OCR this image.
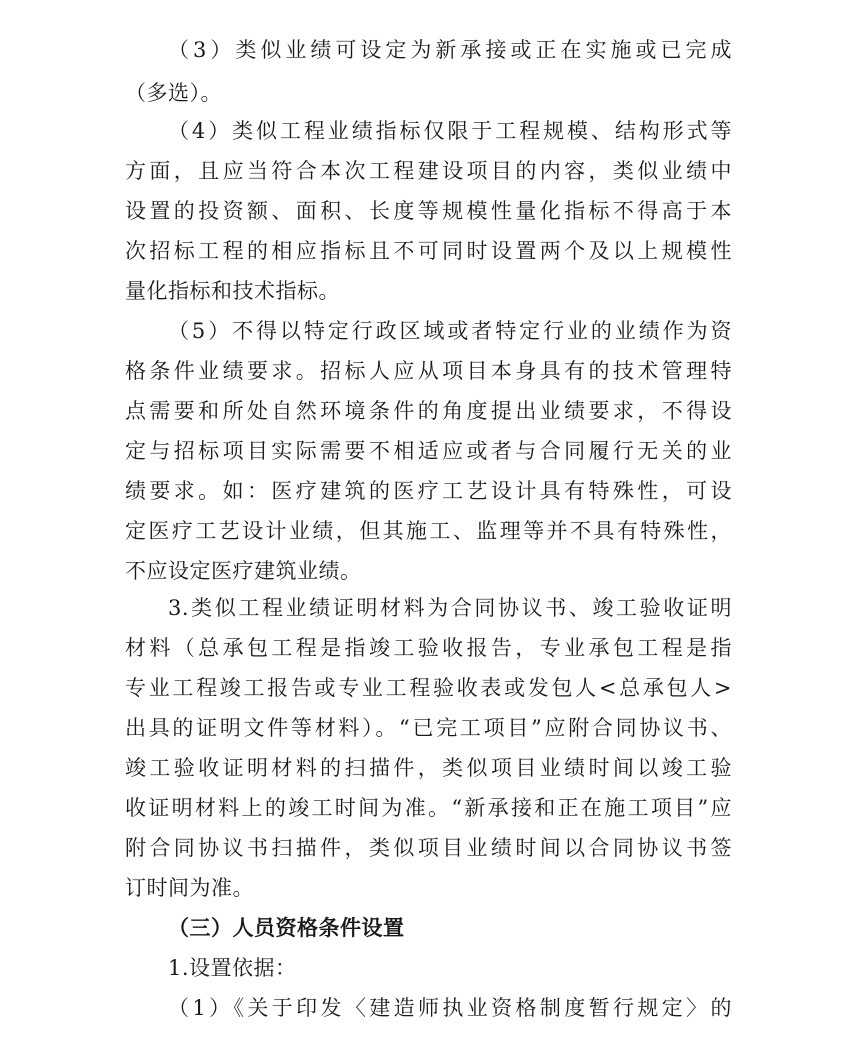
（3）类似业绩可设定为新承接或正在实施或已完成
（多选）。
（4）类似工程业绩指标仅限于工程规模、结构形式等
方面，且应当符合本次工程建设项目的内容，类似业绩中
设置的投资额、面积、长度等规模性量化指标不得高于本
次招标工程的相应指标且不可同时设置两个及以上规模性
量化指标和技术指标。
（5）不得以特定行政区域或者特定行业的业绩作为资
格条件业绩要求。招标人应从项目本身具有的技术管理特
点需要和所处自然环境条件的角度提出业绩要求，不得设
定与招标项目实际需要不相适应或者与合同履行无关的业
绩要求。如：医疗建筑的医疗工艺设计具有特殊性，可设
定医疗工艺设计业绩，但其施工、监理等并不具有特殊性，
不应设定医疗建筑业绩。
3.类似工程业绩证明材料为合同协议书、竣工验收证明
材料（总承包工程是指竣工验收报告，专业承包工程是指
专业工程竣工报告或专业工程验收表或发包人<总承包人>
出具的证明文件等材料）。“已完工项目”应附合同协议书、
竣工验收证明材料的扫描件，类似项目业绩时间以竣工验
收证明材料上的竣工时间为准。“新承接和正在施工项目”应
附合同协议书扫描件，类似项目业绩时间以合同协议书签
订时间为准。
（三）人员资格条件设置
1.设置依据：
（1）《关于印发〈建造师执业资格制度暂行规定〉的
